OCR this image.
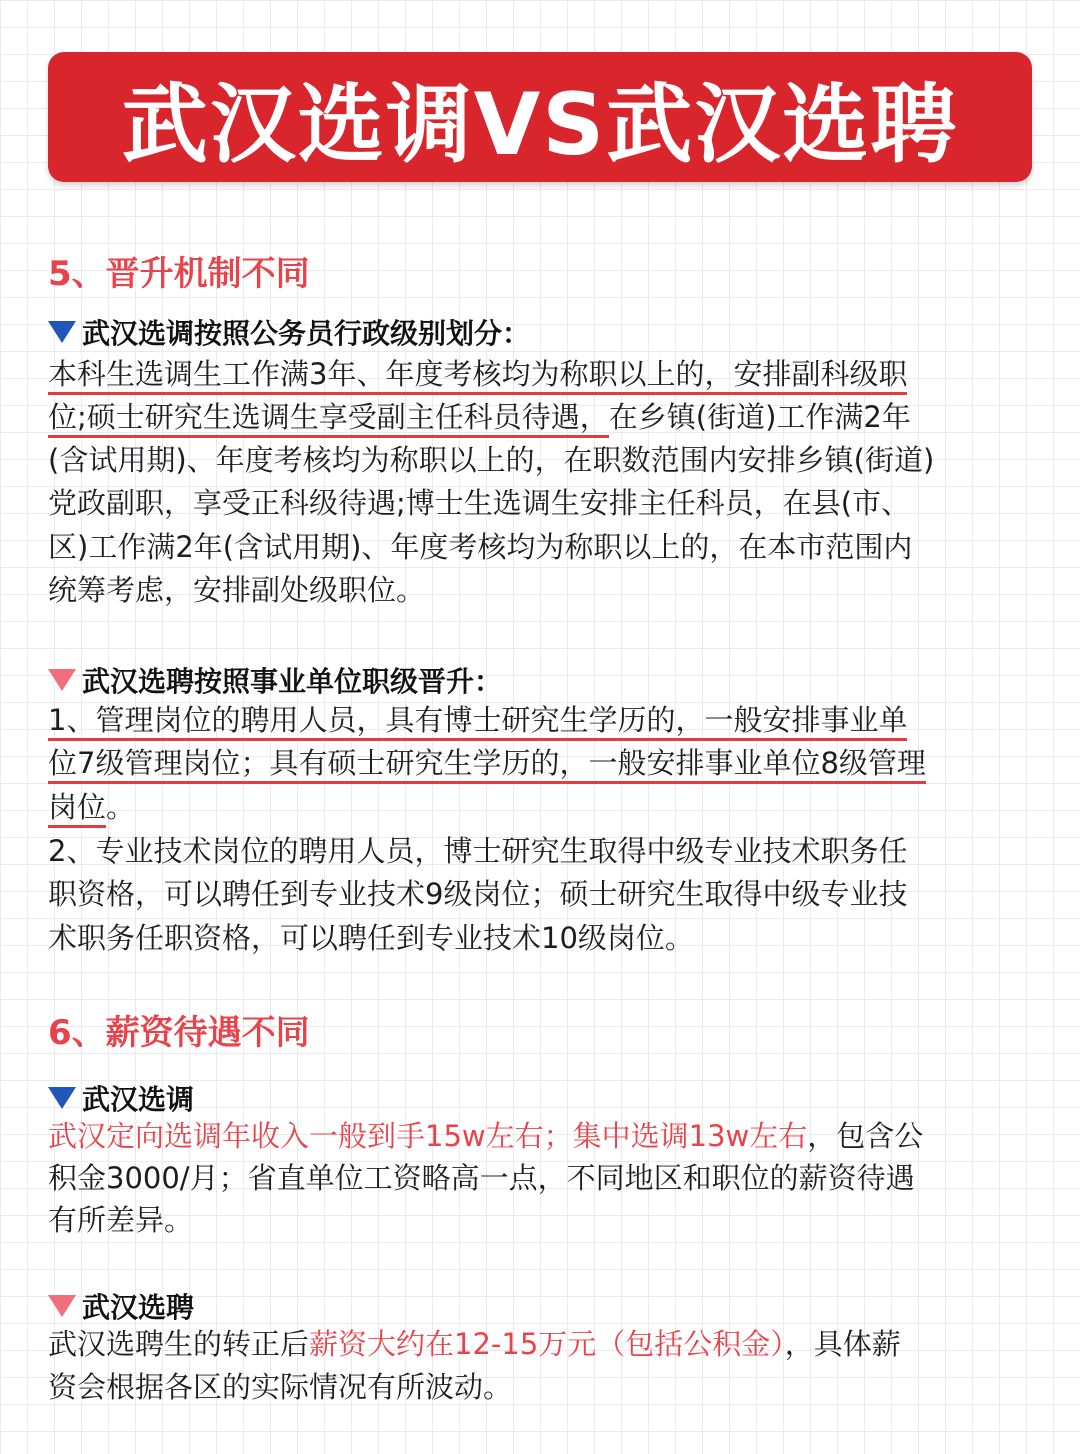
武汉选调VS武汉选聘
5、晋升机制不同
武汉选调按照公务员行政级别划分：
本科生选调生工作满3年、年度考核均为称职以上的，安排副科级职
位;硕士研究生选调生享受副主任科员待遇，在乡镇(街道)工作满2年
(含试用期)、年度考核均为称职以上的，在职数范围内安排乡镇(街道)
党政副职，享受正科级待遇;博士生选调生安排主任科员，在县(市、
区)工作满2年(含试用期)、年度考核均为称职以上的，在本市范围内
统筹考虑，安排副处级职位。
武汉选聘按照事业单位职级晋升：
1、管理岗位的聘用人员，具有博士研究生学历的，一般安排事业单
位7级管理岗位；具有硕士研究生学历的，一般安排事业单位8级管理
岗位。
2、专业技术岗位的聘用人员，博士研究生取得中级专业技术职务任
职资格，可以聘任到专业技术9级岗位；硕士研究生取得中级专业技
术职务任职资格，可以聘任到专业技术10级岗位。
6、薪资待遇不同
武汉选调
武汉定向选调年收入一般到手15w左右；集中选调13w左右，包含公
积金3000/月；省直单位工资略高一点，不同地区和职位的薪资待遇
有所差异。
武汉选聘
武汉选聘生的转正后薪资大约在12-15万元（包括公积金），具体薪
资会根据各区的实际情况有所波动。
